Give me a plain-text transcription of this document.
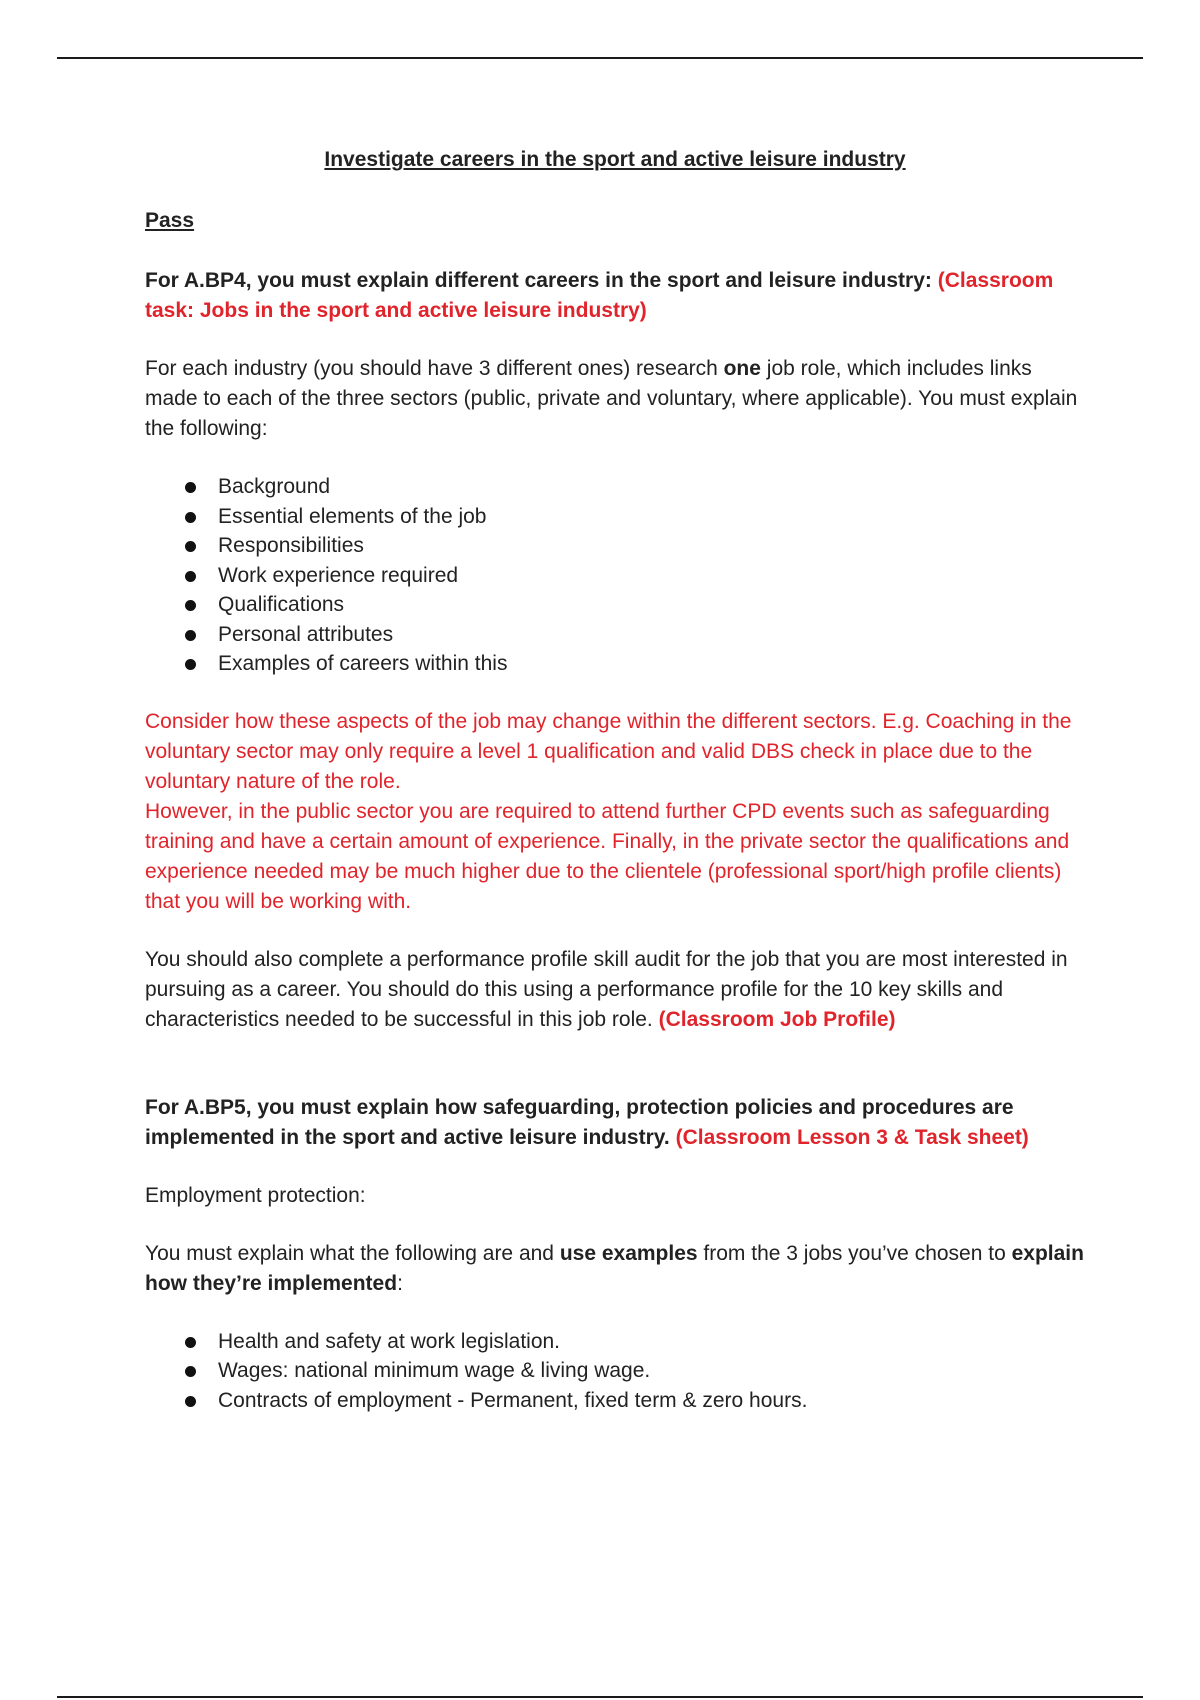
Investigate careers in the sport and active leisure industry
Pass

For A.BP4, you must explain different careers in the sport and leisure industry: (Classroom task: Jobs in the sport and active leisure industry)

For each industry (you should have 3 different ones) research one job role, which includes links made to each of the three sectors (public, private and voluntary, where applicable). You must explain the following:

Background
Essential elements of the job
Responsibilities
Work experience required
Qualifications
Personal attributes
Examples of careers within this
Consider how these aspects of the job may change within the different sectors. E.g. Coaching in the voluntary sector may only require a level 1 qualification and valid DBS check in place due to the voluntary nature of the role.
However, in the public sector you are required to attend further CPD events such as safeguarding training and have a certain amount of experience. Finally, in the private sector the qualifications and experience needed may be much higher due to the clientele (professional sport/high profile clients) that you will be working with.

You should also complete a performance profile skill audit for the job that you are most interested in pursuing as a career. You should do this using a performance profile for the 10 key skills and characteristics needed to be successful in this job role. (Classroom Job Profile)

For A.BP5, you must explain how safeguarding, protection policies and procedures are implemented in the sport and active leisure industry. (Classroom Lesson 3 & Task sheet)

Employment protection:

You must explain what the following are and use examples from the 3 jobs you’ve chosen to explain how they’re implemented:

Health and safety at work legislation.
Wages: national minimum wage & living wage.
Contracts of employment - Permanent, fixed term & zero hours.
